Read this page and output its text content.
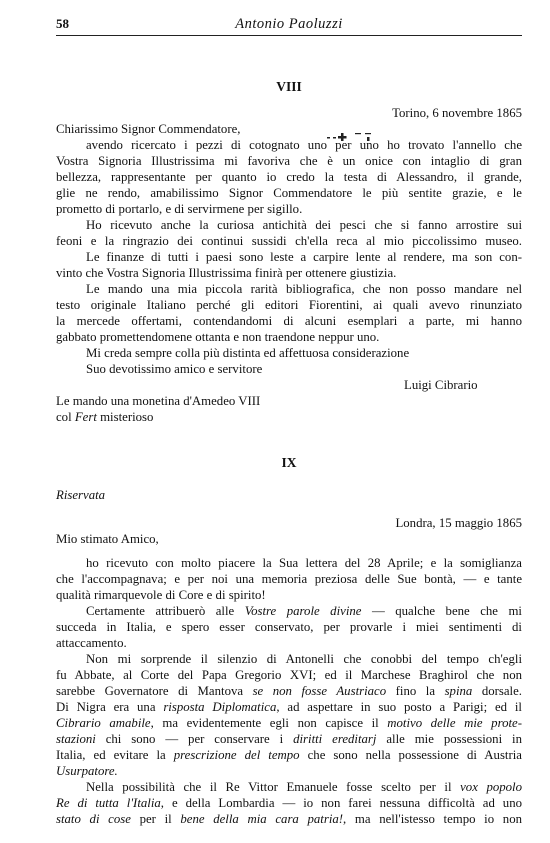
58	Antonio Paoluzzi
VIII
Torino, 6 novembre 1865
Chiarissimo Signor Commendatore,
avendo ricercato i pezzi di cotognato uno per uno ho trovato l'annello che
Vostra Signoria Illustrissima mi favoriva che è un onice con intaglio di gran
bellezza, rappresentante per quanto io credo la testa di Alessandro, il grande,
glie ne rendo, amabilissimo Signor Commendatore le più sentite grazie, e le
prometto di portarlo, e di servirmene per sigillo.
Ho ricevuto anche la curiosa antichità dei pesci che si fanno arrostire sui
feoni e la ringrazio dei continui sussidi ch'ella reca al mio piccolissimo museo.
Le finanze di tutti i paesi sono leste a carpire lente al rendere, ma son con-
vinto che Vostra Signoria Illustrissima finirà per ottenere giustizia.
Le mando una mia piccola rarità bibliografica, che non posso mandare nel
testo originale Italiano perché gli editori Fiorentini, ai quali avevo rinunziato
la mercede offertami, contendandomi di alcuni esemplari a parte, mi hanno
gabbato promettendomene ottanta e non traendone neppur uno.
Mi creda sempre colla più distinta ed affettuosa considerazione
Suo devotissimo amico e servitore
Luigi Cibrario
Le mando una monetina d'Amedeo VIII
col Fert misterioso
IX
Riservata
Londra, 15 maggio 1865
Mio stimato Amico,
ho ricevuto con molto piacere la Sua lettera del 28 Aprile; e la somiglianza
che l'accompagnava; e per noi una memoria preziosa delle Sue bontà, — e tante
qualità rimarquevole di Core e di spirito!
Certamente attribuerò alle Vostre parole divine — qualche bene che mi
succeda in Italia, e spero esser conservato, per provarle i miei sentimenti di
attaccamento.
Non mi sorprende il silenzio di Antonelli che conobbi del tempo ch'egli
fu Abbate, al Corte del Papa Gregorio XVI; ed il Marchese Braghirol che non
sarebbe Governatore di Mantova se non fosse Austriaco fino la spina dorsale.
Di Nigra era una risposta Diplomatica, ad aspettare in suo posto a Parigi; ed il
Cibrario amabile, ma evidentemente egli non capisce il motivo delle mie prote-
stazioni chi sono — per conservare i diritti ereditarj alle mie possessioni in
Italia, ed evitare la prescrizione del tempo che sono nella possessione di Austria
Usurpatore.
Nella possibilità che il Re Vittor Emanuele fosse scelto per il vox popolo
Re di tutta l'Italia, e della Lombardia — io non farei nessuna difficoltà ad uno
stato di cose per il bene della mia cara patria!, ma nell'istesso tempo io non
